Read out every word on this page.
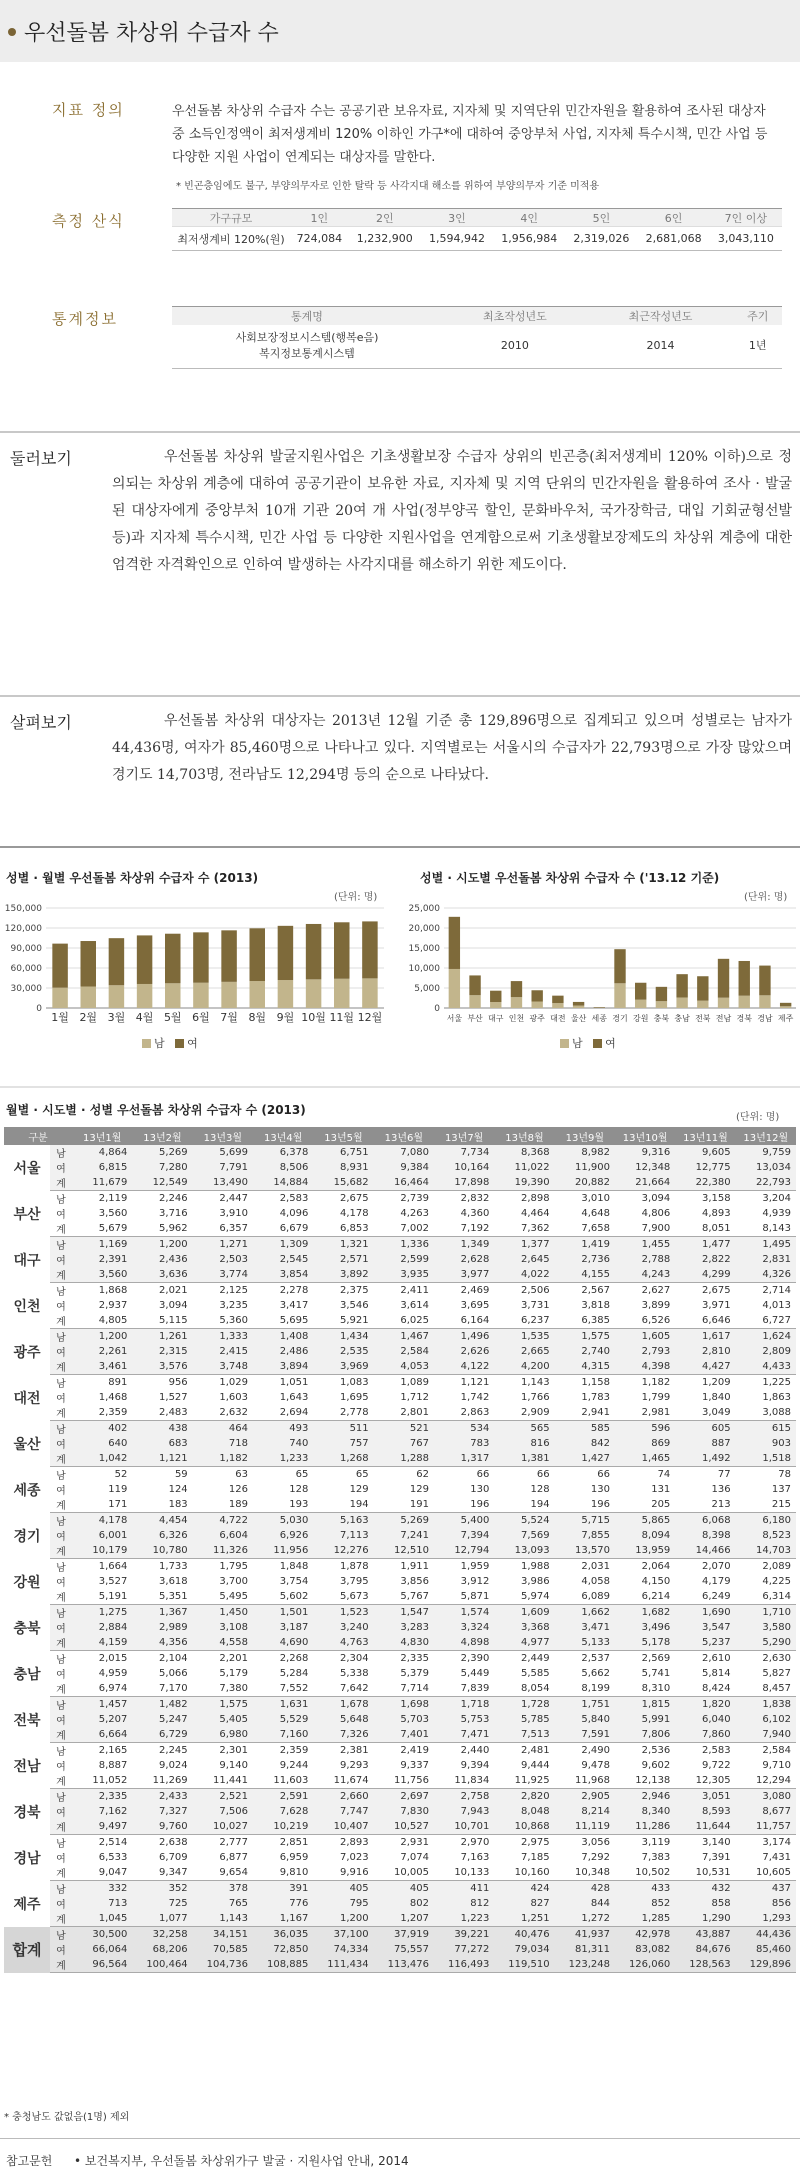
우선돌봄 차상위 수급자 수
지표 정의	우선돌봄 차상위 수급자 수는 공공기관 보유자료, 지자체 및 지역단위 민간자원을 활용하여 조사된 대상자 중 소득인정액이 최저생계비 120% 이하인 가구*에 대하여 중앙부처 사업, 지자체 특수시책, 민간 사업 등 다양한 지원 사업이 연계되는 대상자를 말한다.
* 빈곤층임에도 불구, 부양의무자로 인한 탈락 등 사각지대 해소를 위하여 부양의무자 기준 미적용
측정 산식	가구규모	1인	2인	3인	4인	5인	6인	7인 이상
최저생계비 120%(원)	724,084	1,232,900	1,594,942	1,956,984	2,319,026	2,681,068	3,043,110
통계정보	통계명	최초작성년도	최근작성년도	주기

사회보장정보시스템(행복e음)
복지정보통계시스템	2010	2014	1년
둘러보기	우선돌봄 차상위 발굴지원사업은 기초생활보장 수급자 상위의 빈곤층(최저생계비 120% 이하)으로 정의되는 차상위 계층에 대하여 공공기관이 보유한 자료, 지자체 및 지역 단위의 민간자원을 활용하여 조사 · 발굴된 대상자에게 중앙부처 10개 기관 20여 개 사업(정부양곡 할인, 문화바우처, 국가장학금, 대입 기회균형선발 등)과 지자체 특수시책, 민간 사업 등 다양한 지원사업을 연계함으로써 기초생활보장제도의 차상위 계층에 대한 엄격한 자격확인으로 인하여 발생하는 사각지대를 해소하기 위한 제도이다.
살펴보기	우선돌봄 차상위 대상자는 2013년 12월 기준 총 129,896명으로 집계되고 있으며 성별로는 남자가 44,436명, 여자가 85,460명으로 나타나고 있다. 지역별로는 서울시의 수급자가 22,793명으로 가장 많았으며 경기도 14,703명, 전라남도 12,294명 등의 순으로 나타났다.
성별 · 월별 우선돌봄 차상위 수급자 수 (2013)
(단위: 명)
0
30,000
60,000
90,000
120,000
150,000
1월 2월 3월 4월 5월 6월 7월 8월 9월 10월 11월 12월
남 여
성별 · 시도별 우선돌봄 차상위 수급자 수 ('13.12 기준)
(단위: 명)
0
5,000
10,000
15,000
20,000
25,000
서울 부산 대구 인천 광주 대전 울산 세종 경기 강원 충북 충남 전북 전남 경북 경남 제주
남 여
월별 · 시도별 · 성별 우선돌봄 차상위 수급자 수 (2013)
(단위: 명)
구분		13년1월	13년2월	13년3월	13년4월	13년5월	13년6월	13년7월	13년8월	13년9월	13년10월	13년11월	13년12월
서울	남	4,864	5,269	5,699	6,378	6,751	7,080	7,734	8,368	8,982	9,316	9,605	9,759
	여	6,815	7,280	7,791	8,506	8,931	9,384	10,164	11,022	11,900	12,348	12,775	13,034
	계	11,679	12,549	13,490	14,884	15,682	16,464	17,898	19,390	20,882	21,664	22,380	22,793
부산	남	2,119	2,246	2,447	2,583	2,675	2,739	2,832	2,898	3,010	3,094	3,158	3,204
	여	3,560	3,716	3,910	4,096	4,178	4,263	4,360	4,464	4,648	4,806	4,893	4,939
	계	5,679	5,962	6,357	6,679	6,853	7,002	7,192	7,362	7,658	7,900	8,051	8,143
대구	남	1,169	1,200	1,271	1,309	1,321	1,336	1,349	1,377	1,419	1,455	1,477	1,495
	여	2,391	2,436	2,503	2,545	2,571	2,599	2,628	2,645	2,736	2,788	2,822	2,831
	계	3,560	3,636	3,774	3,854	3,892	3,935	3,977	4,022	4,155	4,243	4,299	4,326
인천	남	1,868	2,021	2,125	2,278	2,375	2,411	2,469	2,506	2,567	2,627	2,675	2,714
	여	2,937	3,094	3,235	3,417	3,546	3,614	3,695	3,731	3,818	3,899	3,971	4,013
	계	4,805	5,115	5,360	5,695	5,921	6,025	6,164	6,237	6,385	6,526	6,646	6,727
광주	남	1,200	1,261	1,333	1,408	1,434	1,467	1,496	1,535	1,575	1,605	1,617	1,624
	여	2,261	2,315	2,415	2,486	2,535	2,584	2,626	2,665	2,740	2,793	2,810	2,809
	계	3,461	3,576	3,748	3,894	3,969	4,053	4,122	4,200	4,315	4,398	4,427	4,433
대전	남	891	956	1,029	1,051	1,083	1,089	1,121	1,143	1,158	1,182	1,209	1,225
	여	1,468	1,527	1,603	1,643	1,695	1,712	1,742	1,766	1,783	1,799	1,840	1,863
	계	2,359	2,483	2,632	2,694	2,778	2,801	2,863	2,909	2,941	2,981	3,049	3,088
울산	남	402	438	464	493	511	521	534	565	585	596	605	615
	여	640	683	718	740	757	767	783	816	842	869	887	903
	계	1,042	1,121	1,182	1,233	1,268	1,288	1,317	1,381	1,427	1,465	1,492	1,518
세종	남	52	59	63	65	65	62	66	66	66	74	77	78
	여	119	124	126	128	129	129	130	128	130	131	136	137
	계	171	183	189	193	194	191	196	194	196	205	213	215
경기	남	4,178	4,454	4,722	5,030	5,163	5,269	5,400	5,524	5,715	5,865	6,068	6,180
	여	6,001	6,326	6,604	6,926	7,113	7,241	7,394	7,569	7,855	8,094	8,398	8,523
	계	10,179	10,780	11,326	11,956	12,276	12,510	12,794	13,093	13,570	13,959	14,466	14,703
강원	남	1,664	1,733	1,795	1,848	1,878	1,911	1,959	1,988	2,031	2,064	2,070	2,089
	여	3,527	3,618	3,700	3,754	3,795	3,856	3,912	3,986	4,058	4,150	4,179	4,225
	계	5,191	5,351	5,495	5,602	5,673	5,767	5,871	5,974	6,089	6,214	6,249	6,314
충북	남	1,275	1,367	1,450	1,501	1,523	1,547	1,574	1,609	1,662	1,682	1,690	1,710
	여	2,884	2,989	3,108	3,187	3,240	3,283	3,324	3,368	3,471	3,496	3,547	3,580
	계	4,159	4,356	4,558	4,690	4,763	4,830	4,898	4,977	5,133	5,178	5,237	5,290
충남	남	2,015	2,104	2,201	2,268	2,304	2,335	2,390	2,449	2,537	2,569	2,610	2,630
	여	4,959	5,066	5,179	5,284	5,338	5,379	5,449	5,585	5,662	5,741	5,814	5,827
	계	6,974	7,170	7,380	7,552	7,642	7,714	7,839	8,054	8,199	8,310	8,424	8,457
전북	남	1,457	1,482	1,575	1,631	1,678	1,698	1,718	1,728	1,751	1,815	1,820	1,838
	여	5,207	5,247	5,405	5,529	5,648	5,703	5,753	5,785	5,840	5,991	6,040	6,102
	계	6,664	6,729	6,980	7,160	7,326	7,401	7,471	7,513	7,591	7,806	7,860	7,940
전남	남	2,165	2,245	2,301	2,359	2,381	2,419	2,440	2,481	2,490	2,536	2,583	2,584
	여	8,887	9,024	9,140	9,244	9,293	9,337	9,394	9,444	9,478	9,602	9,722	9,710
	계	11,052	11,269	11,441	11,603	11,674	11,756	11,834	11,925	11,968	12,138	12,305	12,294
경북	남	2,335	2,433	2,521	2,591	2,660	2,697	2,758	2,820	2,905	2,946	3,051	3,080
	여	7,162	7,327	7,506	7,628	7,747	7,830	7,943	8,048	8,214	8,340	8,593	8,677
	계	9,497	9,760	10,027	10,219	10,407	10,527	10,701	10,868	11,119	11,286	11,644	11,757
경남	남	2,514	2,638	2,777	2,851	2,893	2,931	2,970	2,975	3,056	3,119	3,140	3,174
	여	6,533	6,709	6,877	6,959	7,023	7,074	7,163	7,185	7,292	7,383	7,391	7,431
	계	9,047	9,347	9,654	9,810	9,916	10,005	10,133	10,160	10,348	10,502	10,531	10,605
제주	남	332	352	378	391	405	405	411	424	428	433	432	437
	여	713	725	765	776	795	802	812	827	844	852	858	856
	계	1,045	1,077	1,143	1,167	1,200	1,207	1,223	1,251	1,272	1,285	1,290	1,293
합계	남	30,500	32,258	34,151	36,035	37,100	37,919	39,221	40,476	41,937	42,978	43,887	44,436
	여	66,064	68,206	70,585	72,850	74,334	75,557	77,272	79,034	81,311	83,082	84,676	85,460
	계	96,564	100,464	104,736	108,885	111,434	113,476	116,493	119,510	123,248	126,060	128,563	129,896
* 충청남도 값없음(1명) 제외
참고문헌 • 보건복지부, 우선돌봄 차상위가구 발굴 · 지원사업 안내, 2014
